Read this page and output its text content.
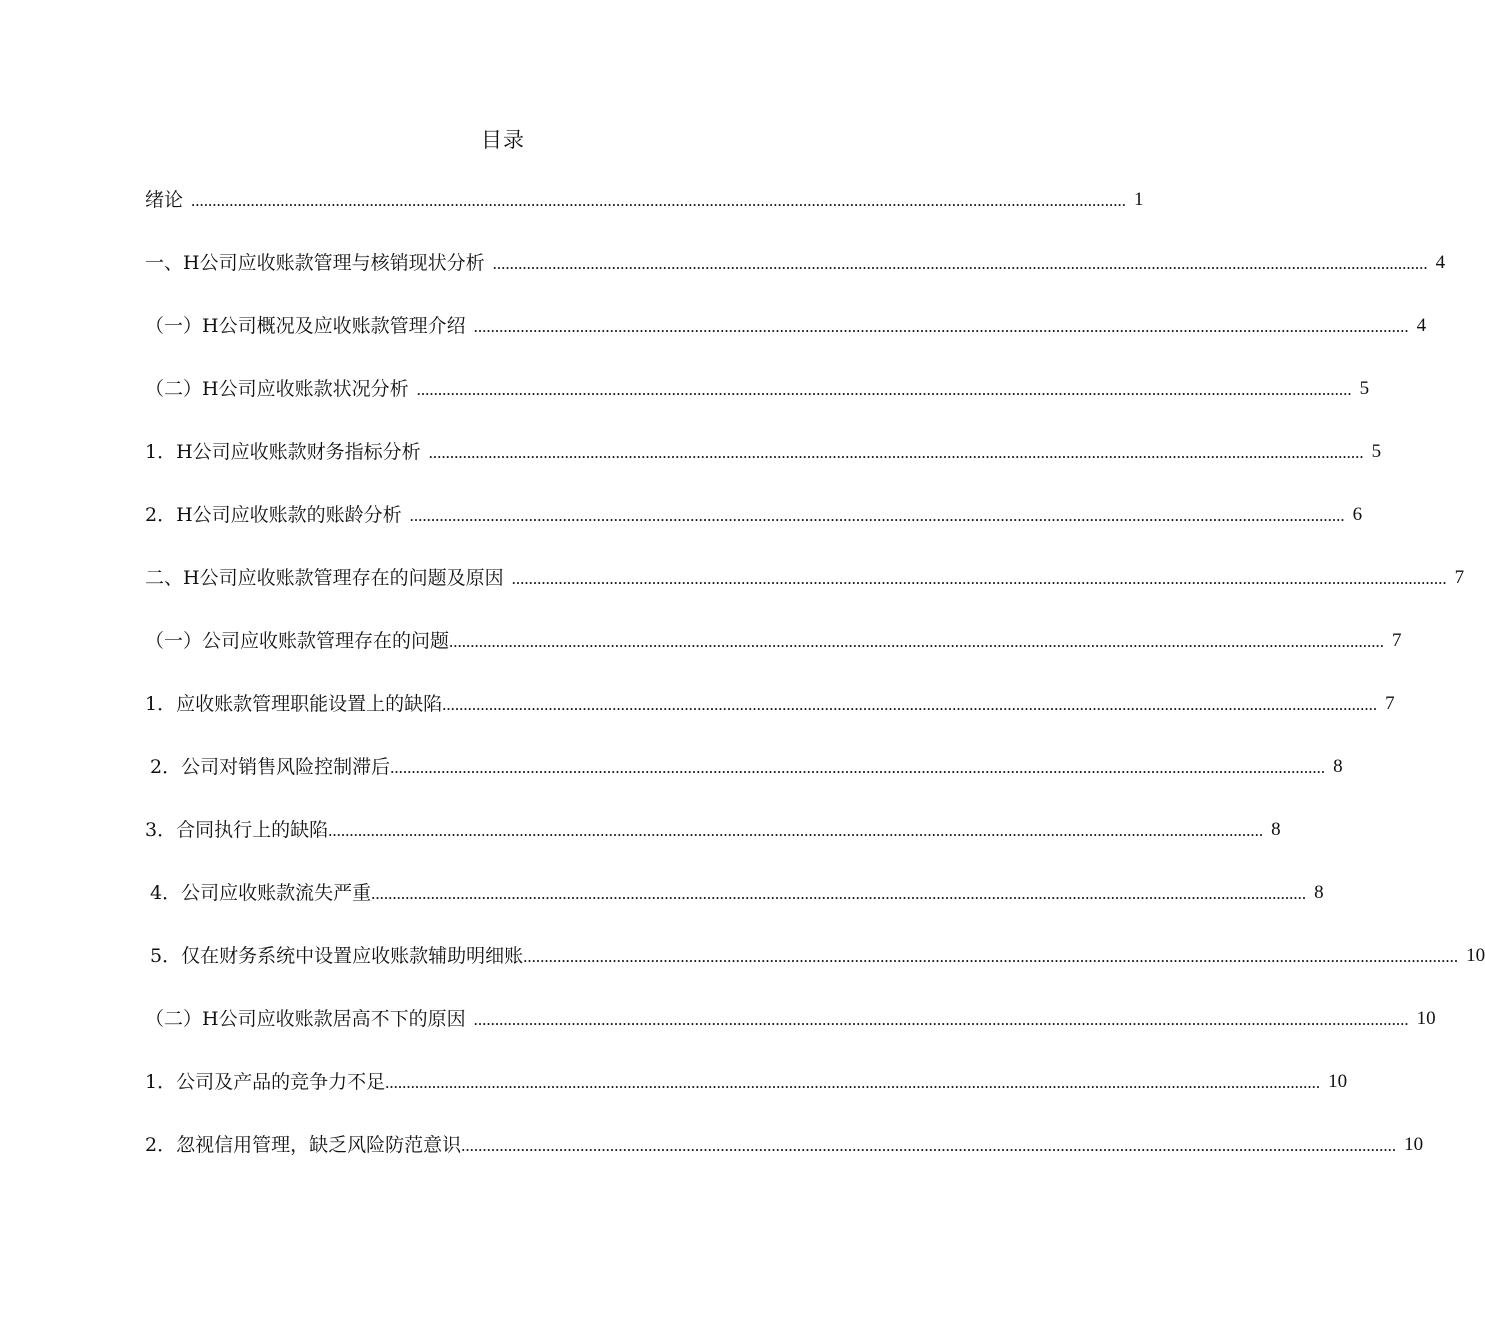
目录
绪论 ............................................................................................................................................................................................................................ 1
一、H公司应收账款管理与核销现状分析 ............................................................................................................................................................................................................................ 4
（一）H公司概况及应收账款管理介绍 ............................................................................................................................................................................................................................ 4
（二）H公司应收账款状况分析 ............................................................................................................................................................................................................................ 5
1．H公司应收账款财务指标分析 ............................................................................................................................................................................................................................ 5
2．H公司应收账款的账龄分析 ............................................................................................................................................................................................................................ 6
二、H公司应收账款管理存在的问题及原因 ............................................................................................................................................................................................................................ 7
（一）公司应收账款管理存在的问题 ............................................................................................................................................................................................................................ 7
1．应收账款管理职能设置上的缺陷 ............................................................................................................................................................................................................................ 7
2．公司对销售风险控制滞后 ............................................................................................................................................................................................................................ 8
3．合同执行上的缺陷 ............................................................................................................................................................................................................................ 8
4．公司应收账款流失严重 ............................................................................................................................................................................................................................ 8
5．仅在财务系统中设置应收账款辅助明细账 ............................................................................................................................................................................................................................ 10
（二）H公司应收账款居高不下的原因 ............................................................................................................................................................................................................................ 10
1．公司及产品的竞争力不足 ............................................................................................................................................................................................................................ 10
2．忽视信用管理，缺乏风险防范意识 ............................................................................................................................................................................................................................ 10
